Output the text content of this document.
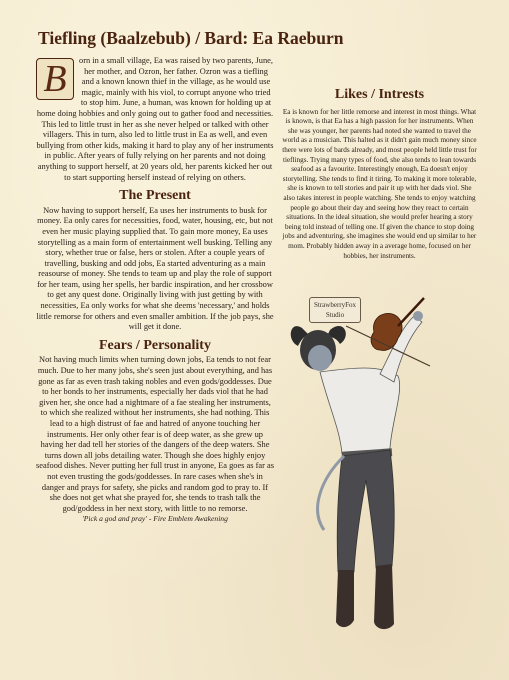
Tiefling (Baalzebub) / Bard: Ea Raeburn
B	orn in a small village, Ea was raised by two parents, June, her mother, and Ozron, her father. Ozron was a tiefling and a known known thief in the village, as he would use magic, mainly with his viol, to corrupt anyone who tried to stop him. June, a human, was known for holding up at home doing hobbies and only going out to gather food and necessities. This led to little trust in her as she never helped or talked with other villagers. This in turn, also led to little trust in Ea as well, and even bullying from other kids, making it hard to play any of her instruments in public. After years of fully relying on her parents and not doing anything to support herself, at 20 years old, her parents kicked her out to start supporting herself instead of relying on others.

The Present

Now having to support herself, Ea uses her instruments to busk for money. Ea only cares for necessities, food, water, housing, etc, but not even her music playing supplied that. To gain more money, Ea uses storytelling as a main form of entertainment well busking. Telling any story, whether true or false, hers or stolen. After a couple years of travelling, busking and odd jobs, Ea started adventuring as a main reasourse of money. She tends to team up and play the role of support for her team, using her spells, her bardic inspiration, and her crossbow to get any quest done. Originally living with just getting by with necessities, Ea only works for what she deems 'necessary,' and holds little remorse for others and even smaller ambition. If the job pays, she will get it done.

Fears / Personality

Not having much limits when turning down jobs, Ea tends to not fear much. Due to her many jobs, she's seen just about everything, and has gone as far as even trash taking nobles and even gods/goddesses. Due to her bonds to her instruments, especially her dads viol that he had given her, she once had a nightmare of a fae stealing her instruments, to which she realized without her instruments, she had nothing. This lead to a high distrust of fae and hatred of anyone touching her instruments. Her only other fear is of deep water, as she grew up having her dad tell her stories of the dangers of the deep waters. She turns down all jobs detailing water. Though she does highly enjoy seafood dishes. Never putting her full trust in anyone, Ea goes as far as not even trusting the gods/goddesses. In rare cases when she's in danger and prays for safety, she picks and random god to pray to. If she does not get what she prayed for, she tends to trash talk the god/goddess in her next story, with little to no remorse.

'Pick a god and pray' - Fire Emblem Awakening

Likes / Intrests

Ea is known for her little remorse and interest in most things. What is known, is that Ea has a high passion for her instruments. When she was younger, her parents had noted she wanted to travel the world as a musician. This halted as it didn't gain much money since there were lots of bards already, and most people held little trust for tieflings. Trying many types of food, she also tends to lean towards seafood as a favourite. Interestingly enough, Ea doesn't enjoy storytelling. She tends to find it tiring. To making it more tolerable, she is known to tell stories and pair it up with her dads viol. She also takes interest in people watching. She tends to enjoy watching people go about their day and seeing how they react to certain situations. In the ideal situation, she would prefer hearing a story being told instead of telling one. If given the chance to stop doing jobs and adventuring, she imagines she would end up similar to her mom. Probably hidden away in a average home, focused on her hobbies, her instruments.

StrawberryFox
Studio
